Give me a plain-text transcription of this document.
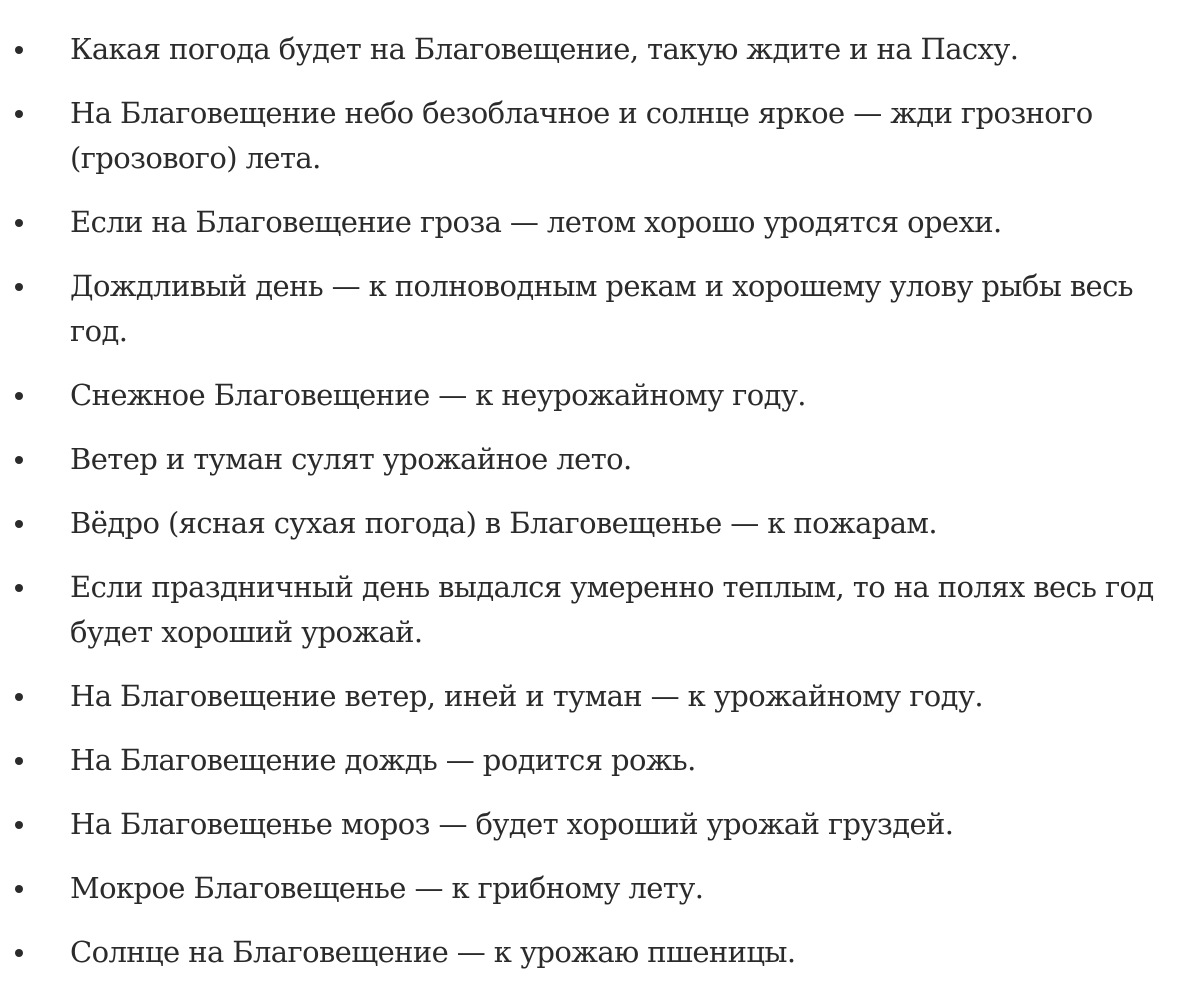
Какая погода будет на Благовещение, такую ждите и на Пасху.
На Благовещение небо безоблачное и солнце яркое — жди грозного (грозового) лета.
Если на Благовещение гроза — летом хорошо уродятся орехи.
Дождливый день — к полноводным рекам и хорошему улову рыбы весь год.
Снежное Благовещение — к неурожайному году.
Ветер и туман сулят урожайное лето.
Вёдро (ясная сухая погода) в Благовещенье — к пожарам.
Если праздничный день выдался умеренно теплым, то на полях весь год будет хороший урожай.
На Благовещение ветер, иней и туман — к урожайному году.
На Благовещение дождь — родится рожь.
На Благовещенье мороз — будет хороший урожай груздей.
Мокрое Благовещенье — к грибному лету.
Солнце на Благовещение — к урожаю пшеницы.
